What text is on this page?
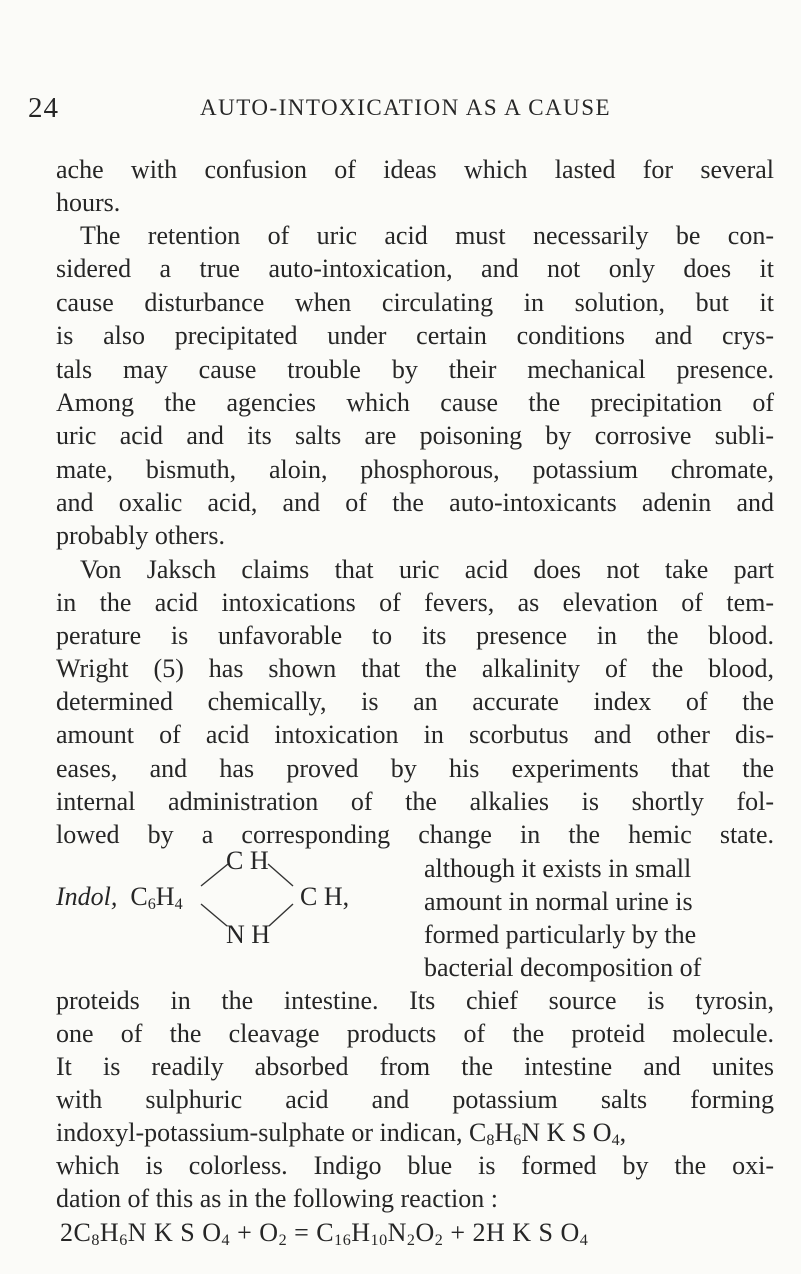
24	AUTO-INTOXICATION AS A CAUSE
ache with confusion of ideas which lasted for several
hours.
The retention of uric acid must necessarily be con-
sidered a true auto-intoxication, and not only does it
cause disturbance when circulating in solution, but it
is also precipitated under certain conditions and crys-
tals may cause trouble by their mechanical presence.
Among the agencies which cause the precipitation of
uric acid and its salts are poisoning by corrosive subli-
mate, bismuth, aloin, phosphorous, potassium chromate,
and oxalic acid, and of the auto-intoxicants adenin and
probably others.
Von Jaksch claims that uric acid does not take part
in the acid intoxications of fevers, as elevation of tem-
perature is unfavorable to its presence in the blood.
Wright (5) has shown that the alkalinity of the blood,
determined chemically, is an accurate index of the
amount of acid intoxication in scorbutus and other dis-
eases, and has proved by his experiments that the
internal administration of the alkalies is shortly fol-
lowed by a corresponding change in the hemic state.
C H
Indol, $C_6H_4$	C H,
N H
although it exists in small
amount in normal urine is
formed particularly by the
bacterial decomposition of
proteids in the intestine. Its chief source is tyrosin,
one of the cleavage products of the proteid molecule.
It is readily absorbed from the intestine and unites
with sulphuric acid and potassium salts forming
indoxyl-potassium-sulphate or indican, $C_8H_6N$ K S $O_4$,
which is colorless. Indigo blue is formed by the oxi-
dation of this as in the following reaction :
$2C_8H_6N$ K S $O_4 + O_2 = C_{16}H_{10}N_2O_2 + 2H$ K S $O_4$
